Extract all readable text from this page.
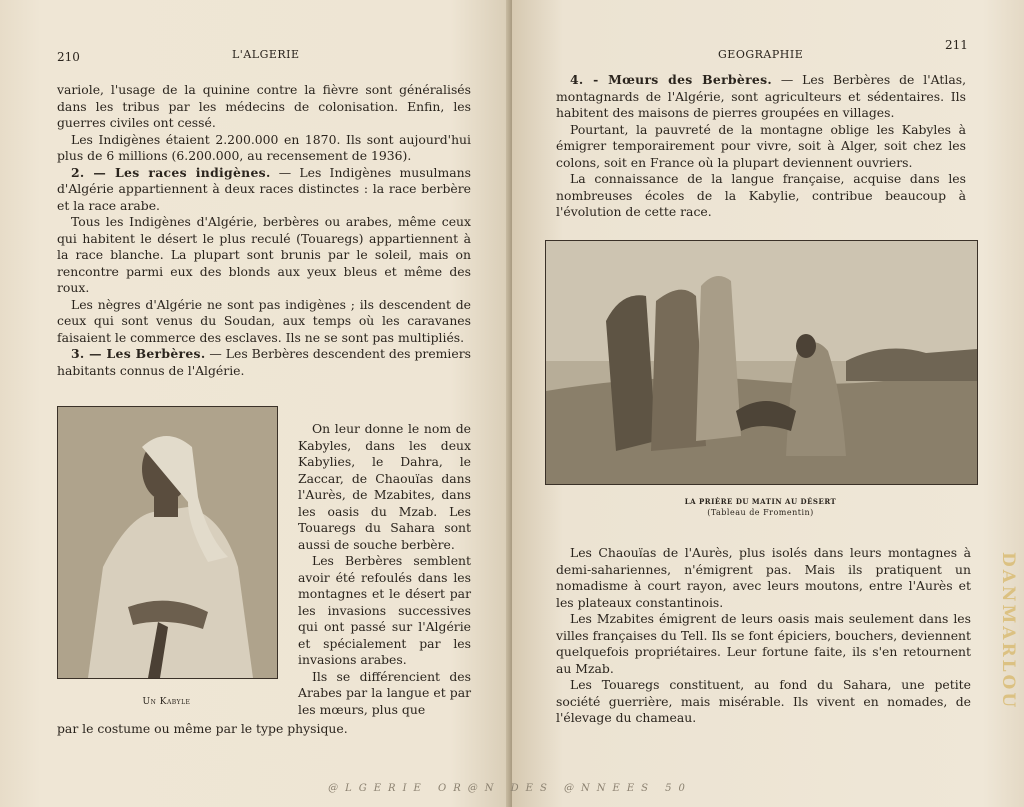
210	L'ALGERIE

variole, l'usage de la quinine contre la fièvre sont généralisés dans les tribus par les médecins de colonisation. Enfin, les guerres civiles ont cessé.

Les Indigènes étaient 2.200.000 en 1870. Ils sont aujourd'hui plus de 6 millions (6.200.000, au recensement de 1936).

2. — Les races indigènes. — Les Indigènes musulmans d'Algérie appartiennent à deux races distinctes : la race berbère et la race arabe.

Tous les Indigènes d'Algérie, berbères ou arabes, même ceux qui habitent le désert le plus reculé (Touaregs) appartiennent à la race blanche. La plupart sont brunis par le soleil, mais on rencontre parmi eux des blonds aux yeux bleus et même des roux.

Les nègres d'Algérie ne sont pas indigènes ; ils descendent de ceux qui sont venus du Soudan, aux temps où les caravanes faisaient le commerce des esclaves. Ils ne se sont pas multipliés.

3. — Les Berbères. — Les Berbères descendent des premiers habitants connus de l'Algérie.

Un Kabyle

On leur donne le nom de Kabyles, dans les deux Kabylies, le Dahra, le Zaccar, de Chaouïas dans l'Aurès, de Mzabites, dans les oasis du Mzab. Les Touaregs du Sahara sont aussi de souche berbère.

Les Berbères semblent avoir été refoulés dans les montagnes et le désert par les invasions successives qui ont passé sur l'Algérie et spécialement par les invasions arabes.

Ils se différencient des Arabes par la langue et par les mœurs, plus que

par le costume ou même par le type physique.

GEOGRAPHIE
211

4. - Mœurs des Berbères. — Les Berbères de l'Atlas, montagnards de l'Algérie, sont agriculteurs et sédentaires. Ils habitent des maisons de pierres groupées en villages.

Pourtant, la pauvreté de la montagne oblige les Kabyles à émigrer temporairement pour vivre, soit à Alger, soit chez les colons, soit en France où la plupart deviennent ouvriers.

La connaissance de la langue française, acquise dans les nombreuses écoles de la Kabylie, contribue beaucoup à l'évolution de cette race.

LA PRIÈRE DU MATIN AU DÉSERT
(Tableau de Fromentin)

Les Chaouïas de l'Aurès, plus isolés dans leurs montagnes à demi-sahariennes, n'émigrent pas. Mais ils pratiquent un nomadisme à court rayon, avec leurs moutons, entre l'Aurès et les plateaux constantinois.

Les Mzabites émigrent de leurs oasis mais seulement dans les villes françaises du Tell. Ils se font épiciers, bouchers, deviennent quelquefois propriétaires. Leur fortune faite, ils s'en retournent au Mzab.

Les Touaregs constituent, au fond du Sahara, une petite société guerrière, mais misérable. Ils vivent en nomades, de l'élevage du chameau.

@LGERIE OR@N DES @NNEES 50
DANMARLOU
